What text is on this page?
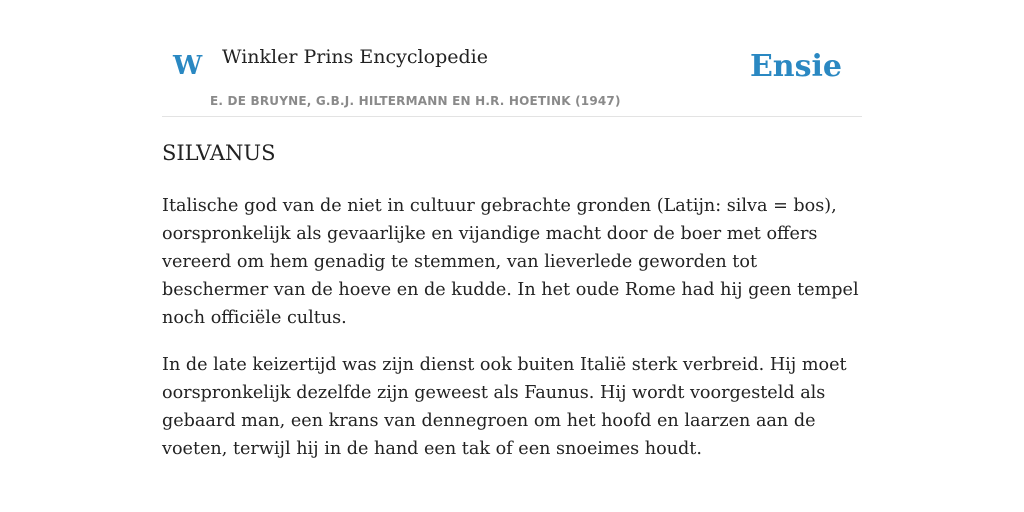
W Winkler Prins Encyclopedie
E. DE BRUYNE, G.B.J. HILTERMANN EN H.R. HOETINK (1947)
Ensie
SILVANUS

Italische god van de niet in cultuur gebrachte gronden (Latijn: silva = bos), oorspronkelijk als gevaarlijke en vijandige macht door de boer met offers vereerd om hem genadig te stemmen, van lieverlede geworden tot beschermer van de hoeve en de kudde. In het oude Rome had hij geen tempel noch officiële cultus.

In de late keizertijd was zijn dienst ook buiten Italië sterk verbreid. Hij moet oorspronkelijk dezelfde zijn geweest als Faunus. Hij wordt voorgesteld als gebaard man, een krans van dennegroen om het hoofd en laarzen aan de voeten, terwijl hij in de hand een tak of een snoeimes houdt.
